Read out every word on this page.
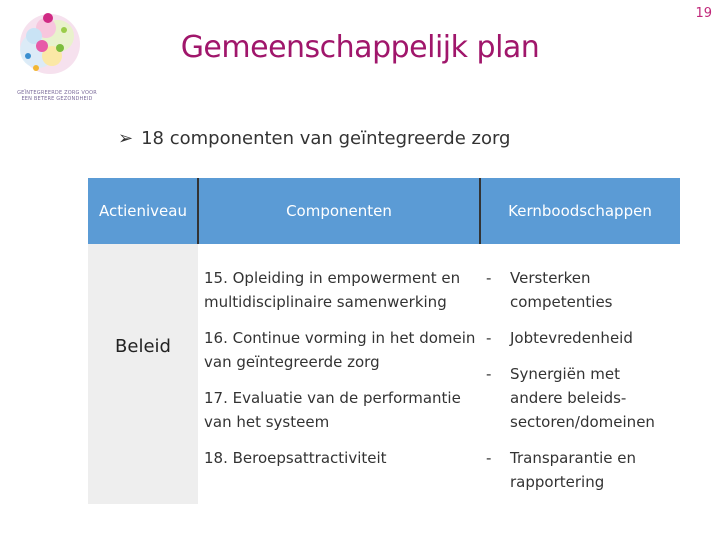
19
GEÏNTEGREERDE ZORG VOOR EEN BETERE GEZONDHEID
Gemeenschappelijk plan
➢ 18 componenten van geïntegreerde zorg
Actieniveau	Componenten	Kernboodschappen
Beleid
15. Opleiding in empowerment en multidisciplinaire samenwerking
16. Continue vorming in het domein van geïntegreerde zorg
17. Evaluatie van de performantie van het systeem
18. Beroepsattractiviteit
- Versterken competenties
- Jobtevredenheid
- Synergiën met andere beleids-sectoren/domeinen
- Transparantie en rapportering
